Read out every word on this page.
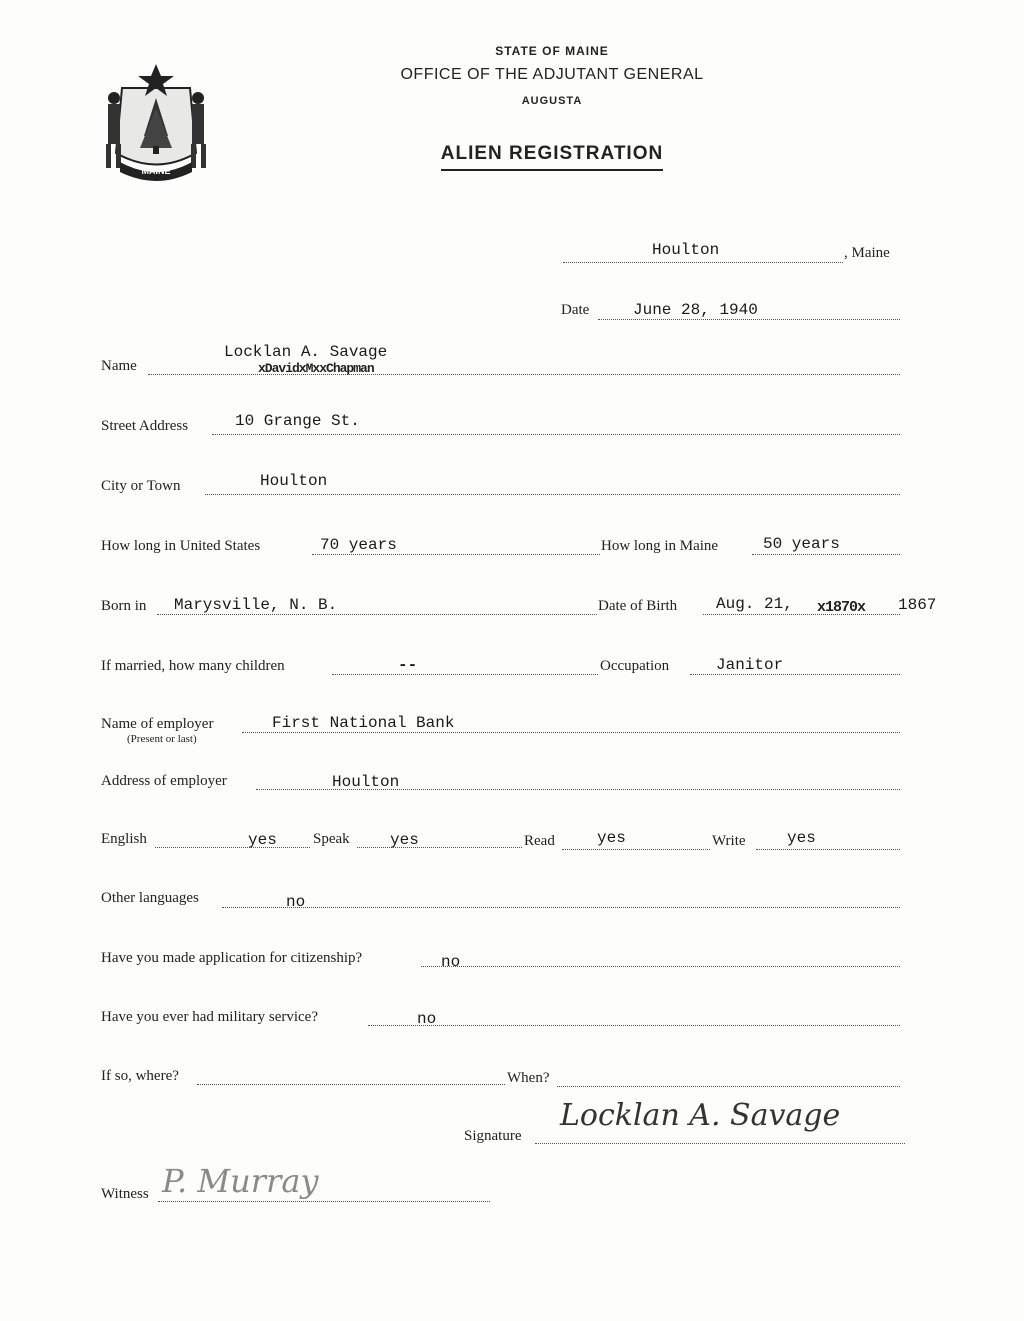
MAINE
STATE OF MAINE
OFFICE OF THE ADJUTANT GENERAL
AUGUSTA
ALIEN REGISTRATION
Houlton	, Maine
Date	June 28, 1940
Name
Locklan A. Savage
xDavidxMxxChapman
Street Address	10 Grange St.
City or Town	Houlton
How long in United States	70 years	How long in Maine	50 years
Born in Marysville, N. B.	Date of Birth Aug. 21, x1870x 1867
If married, how many children	--	Occupation	Janitor
Name of employer
(Present or last)
First National Bank
Address of employer	Houlton
English	yes Speak	yes	Read	yes	Write	yes
Other languages	no
Have you made application for citizenship?	no
Have you ever had military service?	no
If so, where?	When?
Signature
Locklan A. Savage
Witness P. Murray
